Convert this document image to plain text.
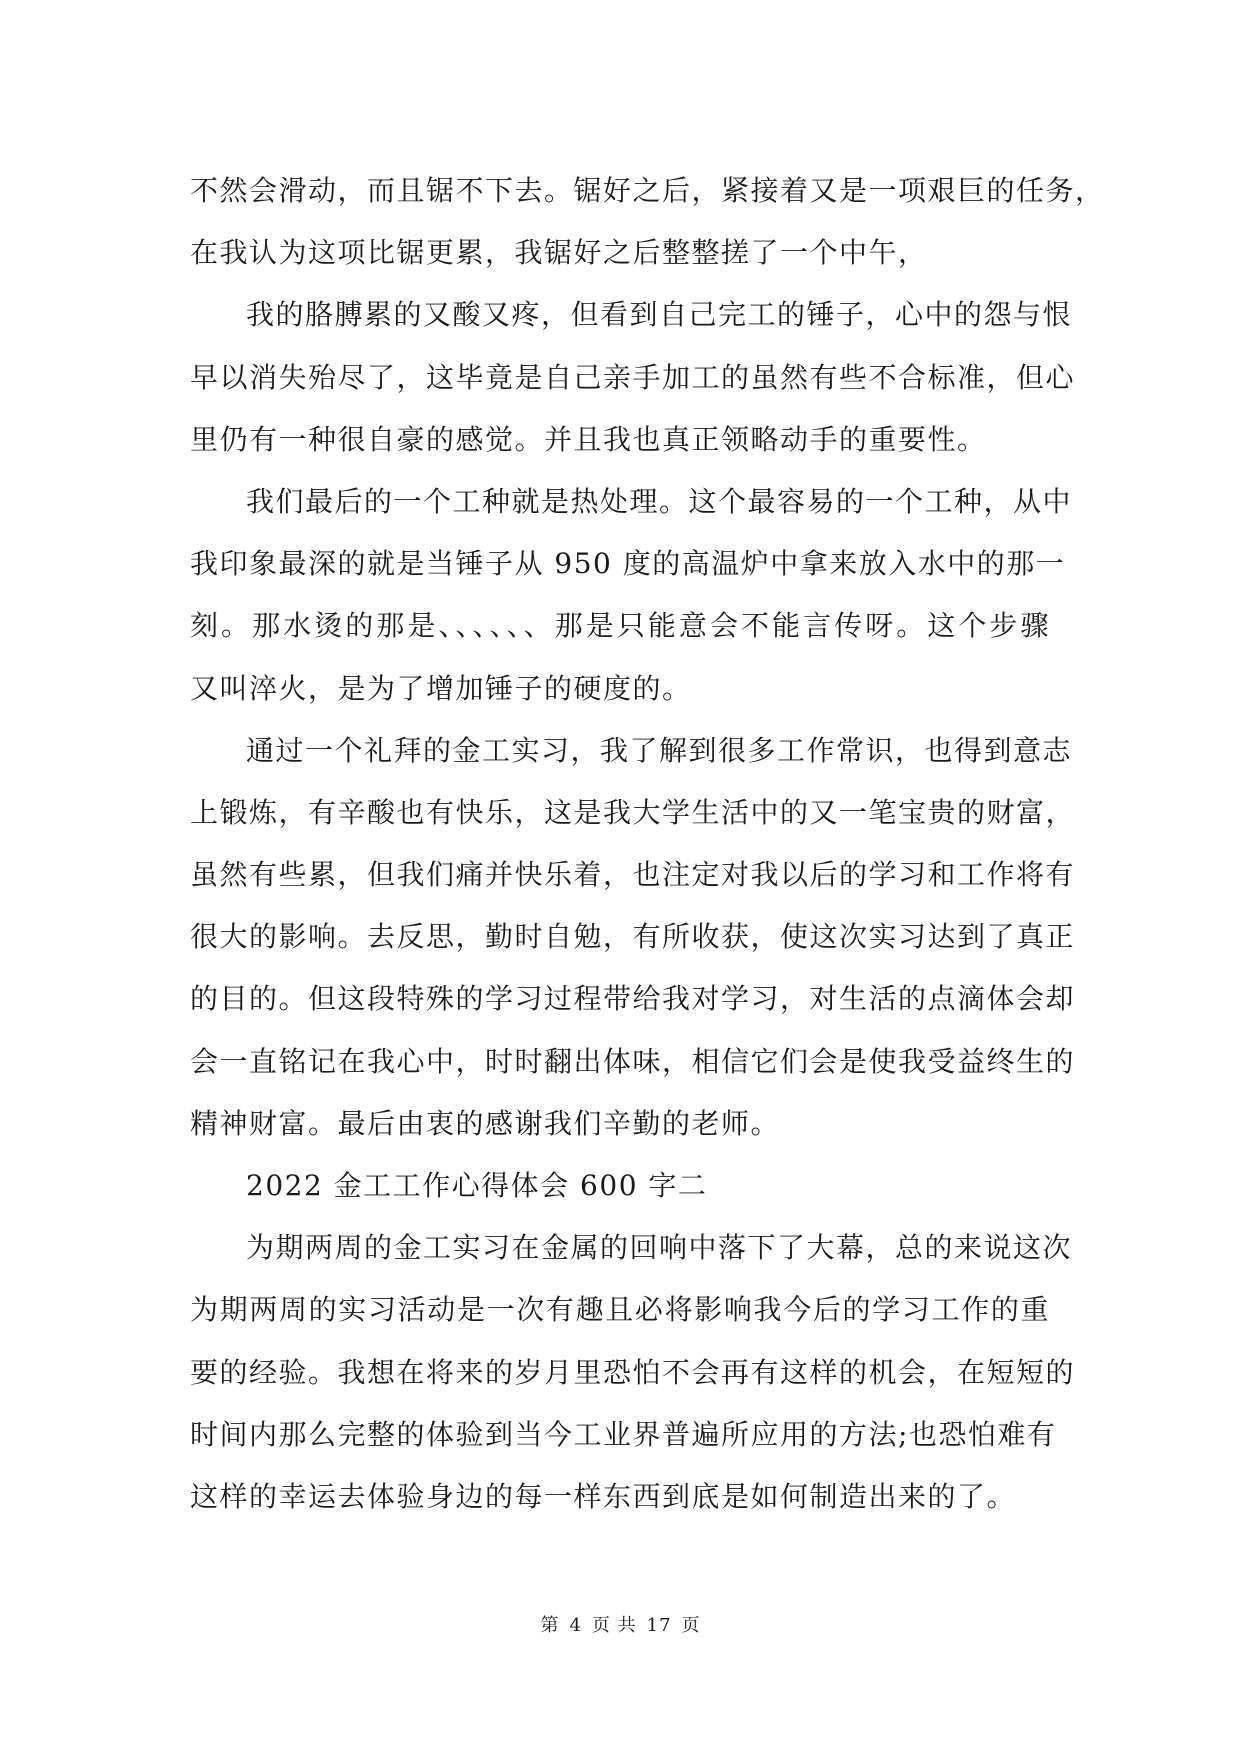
不然会滑动，而且锯不下去。锯好之后，紧接着又是一项艰巨的任务，
在我认为这项比锯更累，我锯好之后整整搓了一个中午，
我的胳膊累的又酸又疼，但看到自己完工的锤子，心中的怨与恨
早以消失殆尽了，这毕竟是自己亲手加工的虽然有些不合标准，但心
里仍有一种很自豪的感觉。并且我也真正领略动手的重要性。
我们最后的一个工种就是热处理。这个最容易的一个工种，从中
我印象最深的就是当锤子从 950 度的高温炉中拿来放入水中的那一
刻。那水烫的那是、、、、、、那是只能意会不能言传呀。这个步骤
又叫淬火，是为了增加锤子的硬度的。
通过一个礼拜的金工实习，我了解到很多工作常识，也得到意志
上锻炼，有辛酸也有快乐，这是我大学生活中的又一笔宝贵的财富，
虽然有些累，但我们痛并快乐着，也注定对我以后的学习和工作将有
很大的影响。去反思，勤时自勉，有所收获，使这次实习达到了真正
的目的。但这段特殊的学习过程带给我对学习，对生活的点滴体会却
会一直铭记在我心中，时时翻出体味，相信它们会是使我受益终生的
精神财富。最后由衷的感谢我们辛勤的老师。
2022 金工工作心得体会 600 字二
为期两周的金工实习在金属的回响中落下了大幕，总的来说这次
为期两周的实习活动是一次有趣且必将影响我今后的学习工作的重
要的经验。我想在将来的岁月里恐怕不会再有这样的机会，在短短的
时间内那么完整的体验到当今工业界普遍所应用的方法;也恐怕难有
这样的幸运去体验身边的每一样东西到底是如何制造出来的了。
第 4 页 共 17 页
